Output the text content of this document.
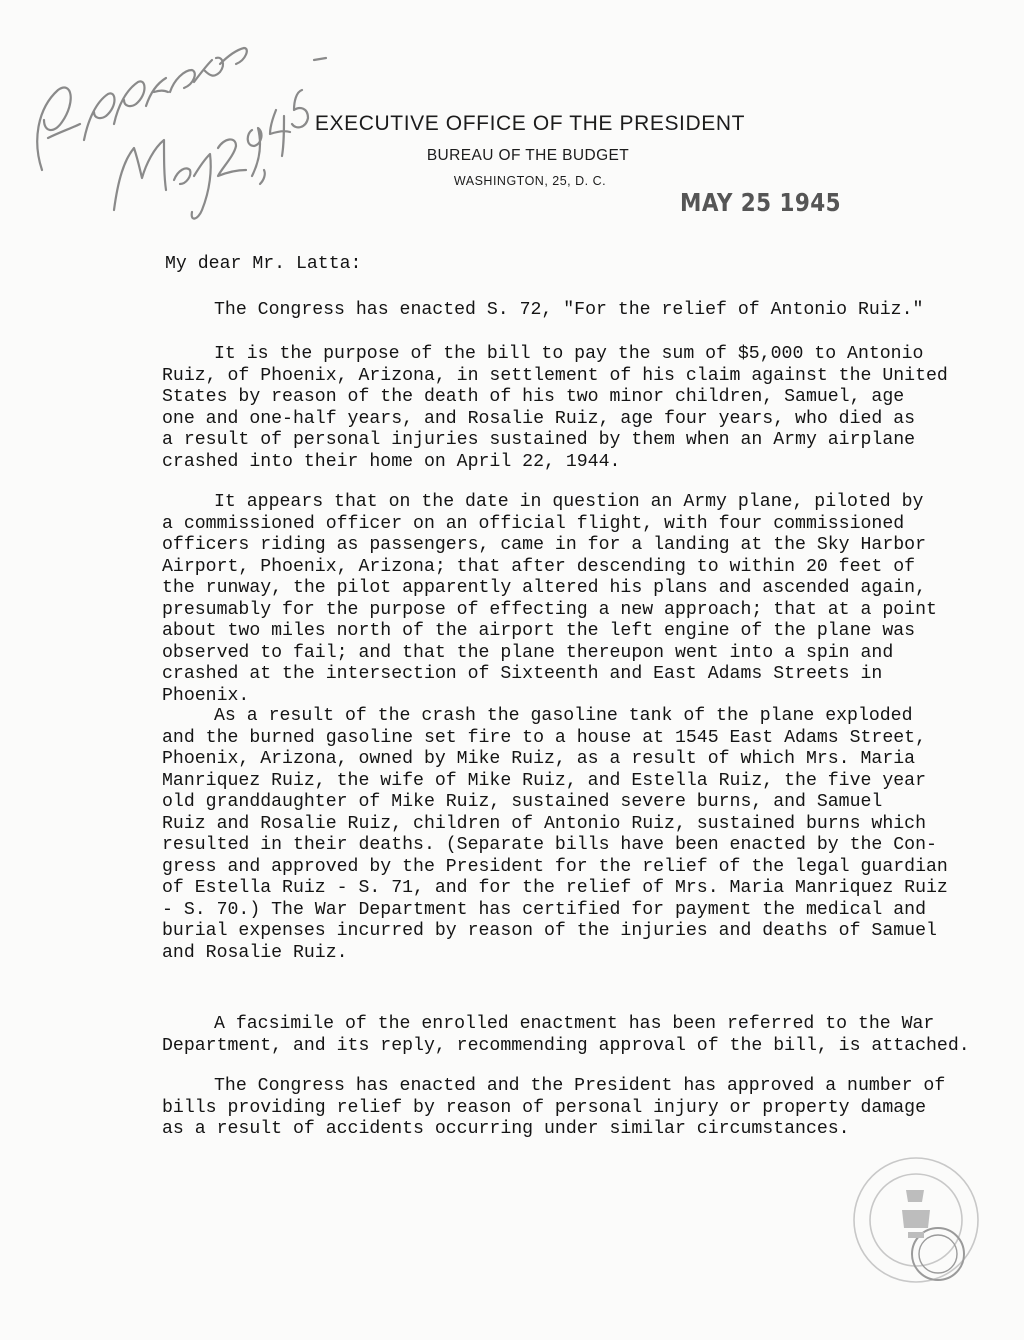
EXECUTIVE OFFICE OF THE PRESIDENT
BUREAU OF THE BUDGET
WASHINGTON, 25, D. C.
MAY 25 1945
My dear Mr. Latta:
The Congress has enacted S. 72, "For the relief of Antonio Ruiz."
It is the purpose of the bill to pay the sum of $5,000 to Antonio
Ruiz, of Phoenix, Arizona, in settlement of his claim against the United
States by reason of the death of his two minor children, Samuel, age
one and one-half years, and Rosalie Ruiz, age four years, who died as
a result of personal injuries sustained by them when an Army airplane
crashed into their home on April 22, 1944.
It appears that on the date in question an Army plane, piloted by
a commissioned officer on an official flight, with four commissioned
officers riding as passengers, came in for a landing at the Sky Harbor
Airport, Phoenix, Arizona; that after descending to within 20 feet of
the runway, the pilot apparently altered his plans and ascended again,
presumably for the purpose of effecting a new approach; that at a point
about two miles north of the airport the left engine of the plane was
observed to fail; and that the plane thereupon went into a spin and
crashed at the intersection of Sixteenth and East Adams Streets in
Phoenix.
As a result of the crash the gasoline tank of the plane exploded
and the burned gasoline set fire to a house at 1545 East Adams Street,
Phoenix, Arizona, owned by Mike Ruiz, as a result of which Mrs. Maria
Manriquez Ruiz, the wife of Mike Ruiz, and Estella Ruiz, the five year
old granddaughter of Mike Ruiz, sustained severe burns, and Samuel
Ruiz and Rosalie Ruiz, children of Antonio Ruiz, sustained burns which
resulted in their deaths. (Separate bills have been enacted by the Con-
gress and approved by the President for the relief of the legal guardian
of Estella Ruiz - S. 71, and for the relief of Mrs. Maria Manriquez Ruiz
- S. 70.) The War Department has certified for payment the medical and
burial expenses incurred by reason of the injuries and deaths of Samuel
and Rosalie Ruiz.
A facsimile of the enrolled enactment has been referred to the War
Department, and its reply, recommending approval of the bill, is attached.
The Congress has enacted and the President has approved a number of
bills providing relief by reason of personal injury or property damage
as a result of accidents occurring under similar circumstances.
